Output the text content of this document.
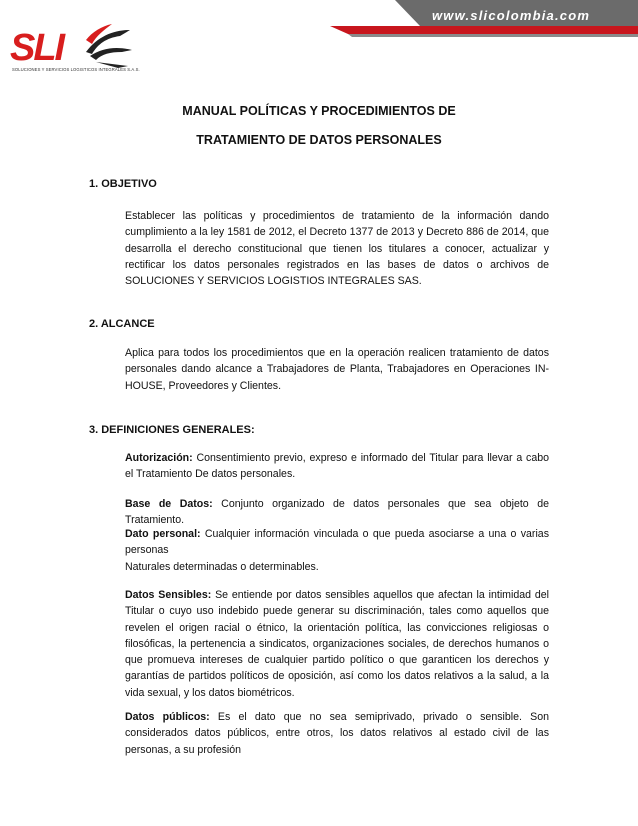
www.slicolombia.com
SLI
SOLUCIONES Y SERVICIOS LOGISTICOS INTEGRALES S.A.S.
MANUAL POLÍTICAS Y PROCEDIMIENTOS DE
TRATAMIENTO DE DATOS PERSONALES
1. OBJETIVO

Establecer las políticas y procedimientos de tratamiento de la información dando cumplimiento a la ley 1581 de 2012, el Decreto 1377 de 2013 y Decreto 886 de 2014, que desarrolla el derecho constitucional que tienen los titulares a conocer, actualizar y rectificar los datos personales registrados en las bases de datos o archivos de SOLUCIONES Y SERVICIOS LOGISTIOS INTEGRALES SAS.

2. ALCANCE

Aplica para todos los procedimientos que en la operación realicen tratamiento de datos personales dando alcance a Trabajadores de Planta, Trabajadores en Operaciones IN-HOUSE, Proveedores y Clientes.

3. DEFINICIONES GENERALES:

Autorización: Consentimiento previo, expreso e informado del Titular para llevar a cabo el Tratamiento De datos personales.

Base de Datos: Conjunto organizado de datos personales que sea objeto de Tratamiento.

Dato personal: Cualquier información vinculada o que pueda asociarse a una o varias personas
Naturales determinadas o determinables.

Datos Sensibles: Se entiende por datos sensibles aquellos que afectan la intimidad del Titular o cuyo uso indebido puede generar su discriminación, tales como aquellos que revelen el origen racial o étnico, la orientación política, las convicciones religiosas o filosóficas, la pertenencia a sindicatos, organizaciones sociales, de derechos humanos o que promueva intereses de cualquier partido político o que garanticen los derechos y garantías de partidos políticos de oposición, así como los datos relativos a la salud, a la vida sexual, y los datos biométricos.

Datos públicos: Es el dato que no sea semiprivado, privado o sensible. Son considerados datos públicos, entre otros, los datos relativos al estado civil de las personas, a su profesión
